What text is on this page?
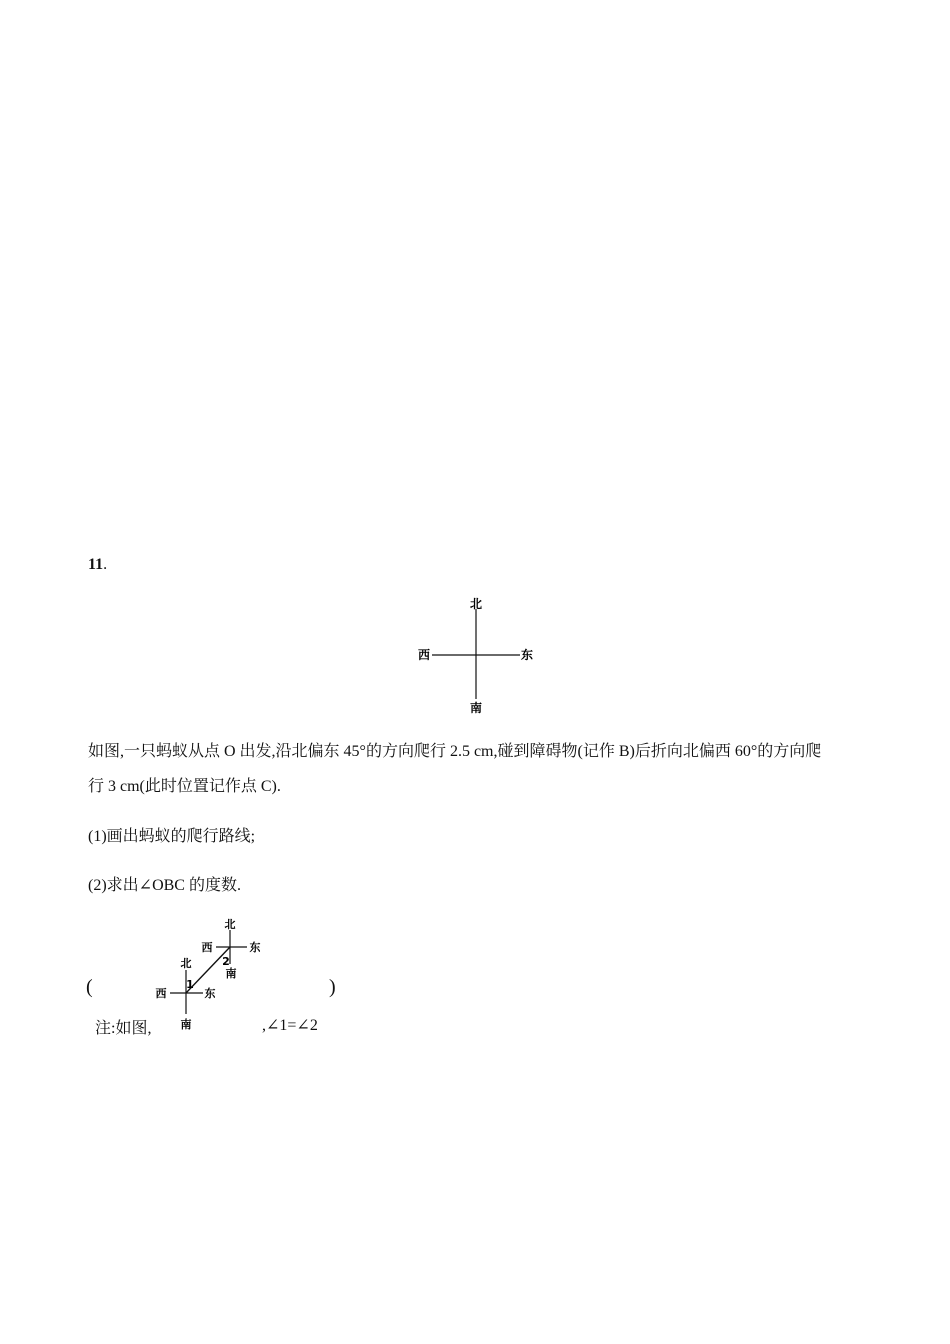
11.
北
南
西	东
如图,一只蚂蚁从点 O 出发,沿北偏东 45°的方向爬行 2.5 cm,碰到障碍物(记作 B)后折向北偏西 60°的方向爬
行 3 cm(此时位置记作点 C).
(1)画出蚂蚁的爬行路线;
(2)求出∠OBC 的度数.
(	)
北
西	东
南
2
北
西	东
南
1
注:如图,	,∠1=∠2
